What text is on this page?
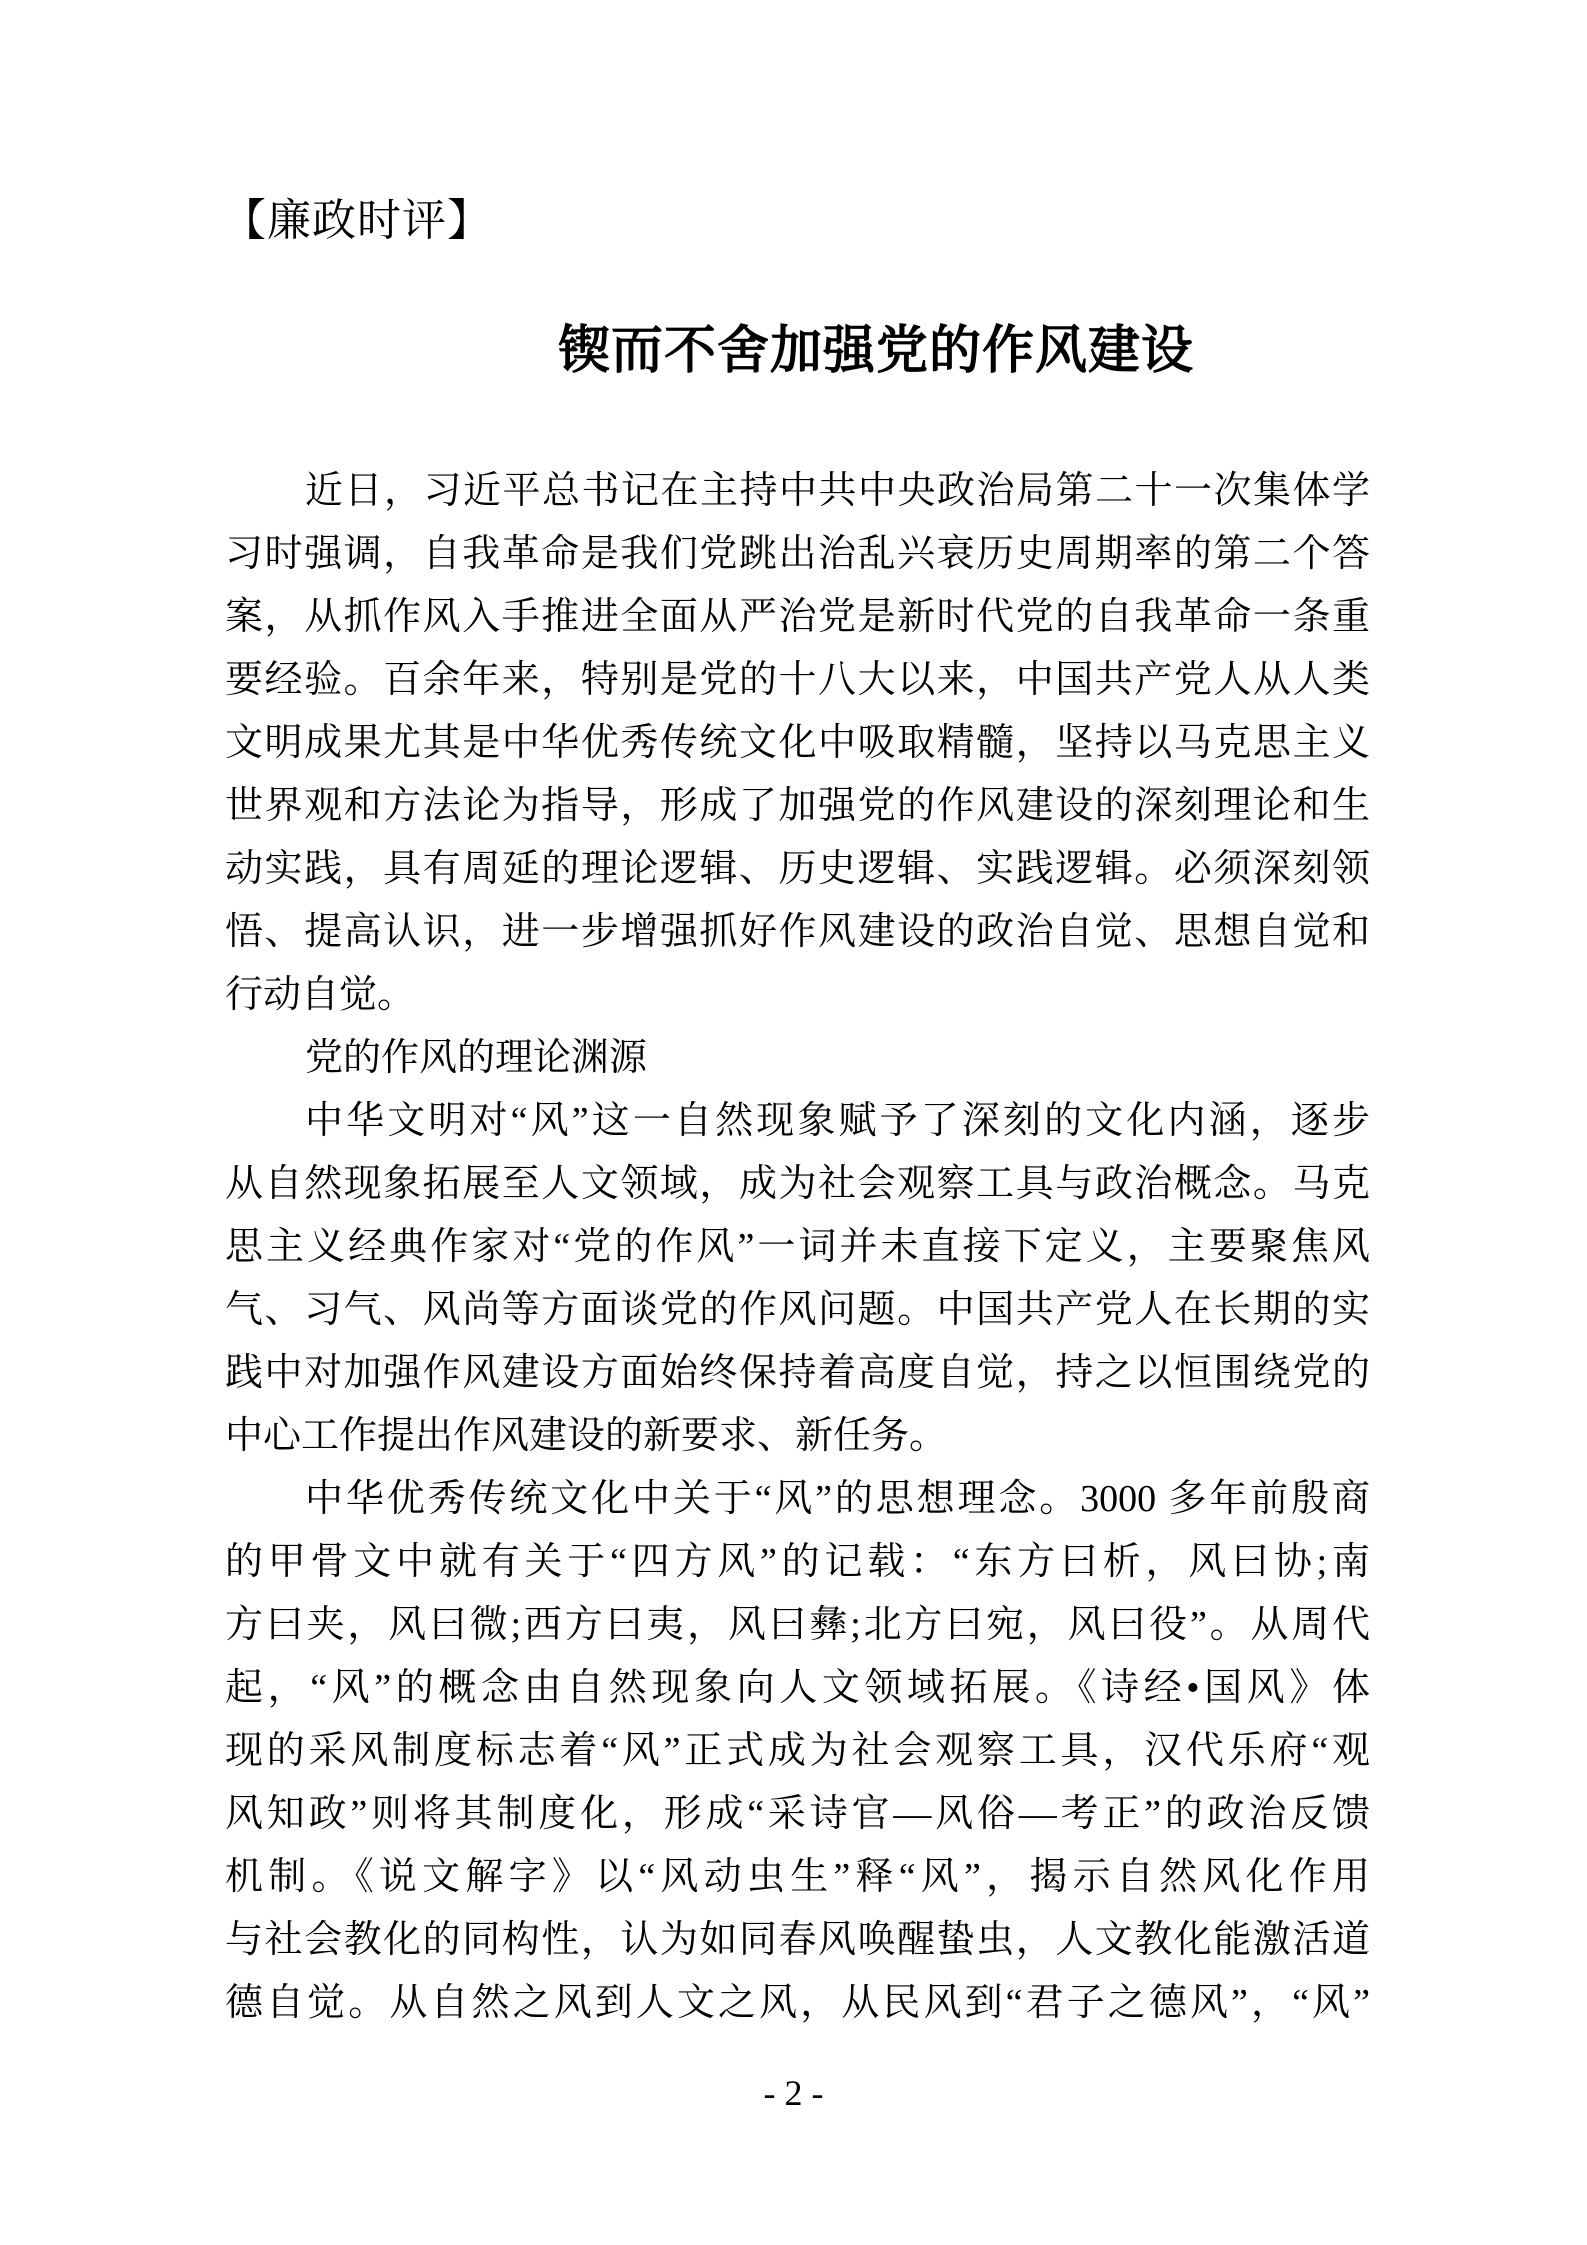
【廉政时评】
锲而不舍加强党的作风建设
近日，习近平总书记在主持中共中央政治局第二十一次集体学
习时强调，自我革命是我们党跳出治乱兴衰历史周期率的第二个答
案，从抓作风入手推进全面从严治党是新时代党的自我革命一条重
要经验。百余年来，特别是党的十八大以来，中国共产党人从人类
文明成果尤其是中华优秀传统文化中吸取精髓，坚持以马克思主义
世界观和方法论为指导，形成了加强党的作风建设的深刻理论和生
动实践，具有周延的理论逻辑、历史逻辑、实践逻辑。必须深刻领
悟、提高认识，进一步增强抓好作风建设的政治自觉、思想自觉和
行动自觉。
党的作风的理论渊源
中华文明对“风”这一自然现象赋予了深刻的文化内涵，逐步
从自然现象拓展至人文领域，成为社会观察工具与政治概念。马克
思主义经典作家对“党的作风”一词并未直接下定义，主要聚焦风
气、习气、风尚等方面谈党的作风问题。中国共产党人在长期的实
践中对加强作风建设方面始终保持着高度自觉，持之以恒围绕党的
中心工作提出作风建设的新要求、新任务。
中华优秀传统文化中关于“风”的思想理念。3000 多年前殷商
的甲骨文中就有关于“四方风”的记载：“东方曰析，风曰协;南
方曰夹，风曰微;西方曰夷，风曰彝;北方曰宛，风曰役”。从周代
起，“风”的概念由自然现象向人文领域拓展。《诗经•国风》体
现的采风制度标志着“风”正式成为社会观察工具，汉代乐府“观
风知政”则将其制度化，形成“采诗官—风俗—考正”的政治反馈
机制。《说文解字》以“风动虫生”释“风”，揭示自然风化作用
与社会教化的同构性，认为如同春风唤醒蛰虫，人文教化能激活道
德自觉。从自然之风到人文之风，从民风到“君子之德风”，“风”
- 2 -
